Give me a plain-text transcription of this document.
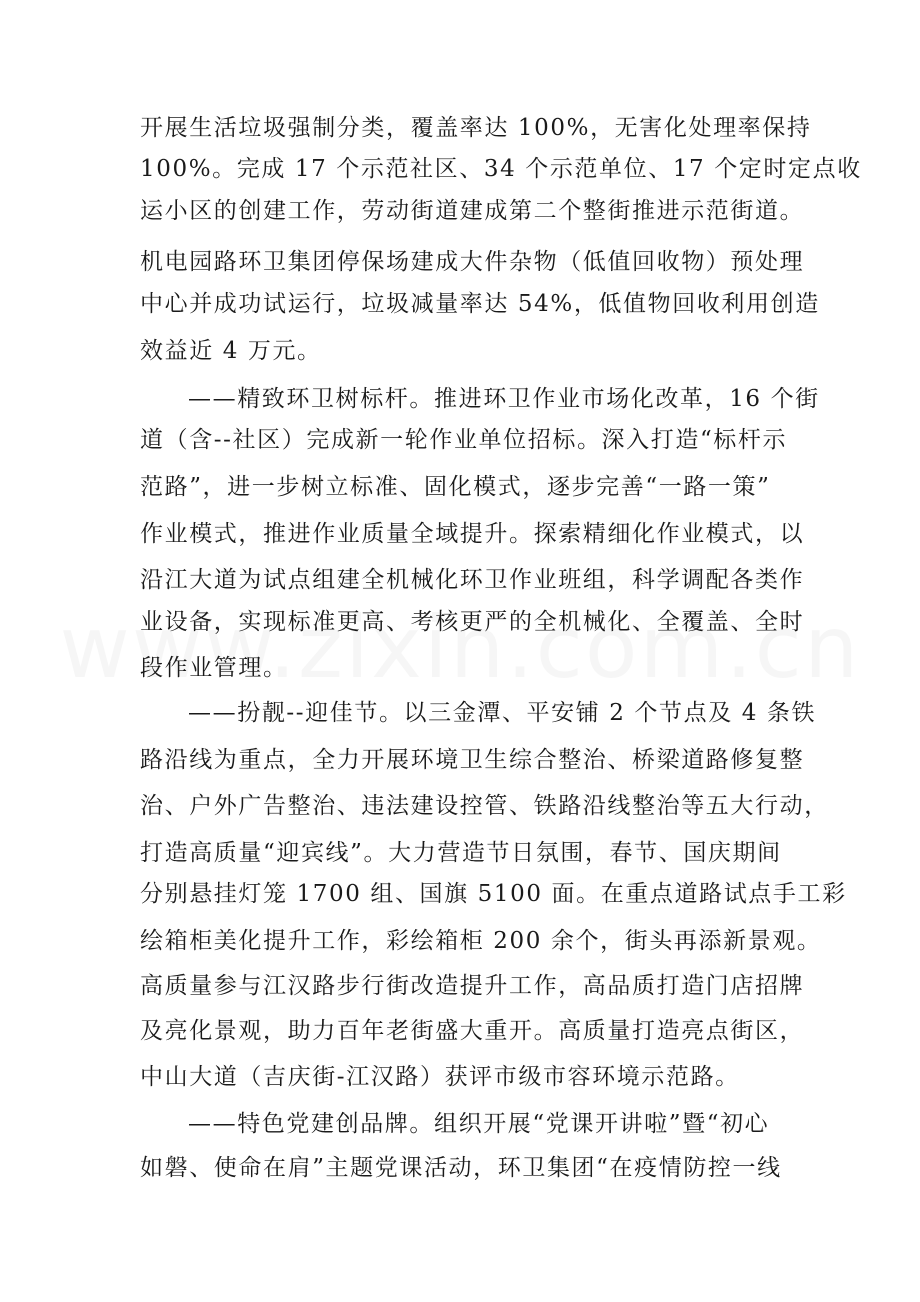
开展生活垃圾强制分类，覆盖率达 100%，无害化处理率保持
100%。完成 17 个示范社区、34 个示范单位、17 个定时定点收
运小区的创建工作，劳动街道建成第二个整街推进示范街道。
机电园路环卫集团停保场建成大件杂物（低值回收物）预处理
中心并成功试运行，垃圾减量率达 54%，低值物回收利用创造
效益近 4 万元。
——精致环卫树标杆。推进环卫作业市场化改革，16 个街
道（含--社区）完成新一轮作业单位招标。深入打造“标杆示
范路”，进一步树立标准、固化模式，逐步完善“一路一策”
作业模式，推进作业质量全域提升。探索精细化作业模式，以
沿江大道为试点组建全机械化环卫作业班组，科学调配各类作
业设备，实现标准更高、考核更严的全机械化、全覆盖、全时
段作业管理。
——扮靓--迎佳节。以三金潭、平安铺 2 个节点及 4 条铁
路沿线为重点，全力开展环境卫生综合整治、桥梁道路修复整
治、户外广告整治、违法建设控管、铁路沿线整治等五大行动，
打造高质量“迎宾线”。大力营造节日氛围，春节、国庆期间
分别悬挂灯笼 1700 组、国旗 5100 面。在重点道路试点手工彩
绘箱柜美化提升工作，彩绘箱柜 200 余个，街头再添新景观。
高质量参与江汉路步行街改造提升工作，高品质打造门店招牌
及亮化景观，助力百年老街盛大重开。高质量打造亮点街区，
中山大道（吉庆街-江汉路）获评市级市容环境示范路。
——特色党建创品牌。组织开展“党课开讲啦”暨“初心
如磐、使命在肩”主题党课活动，环卫集团“在疫情防控一线
